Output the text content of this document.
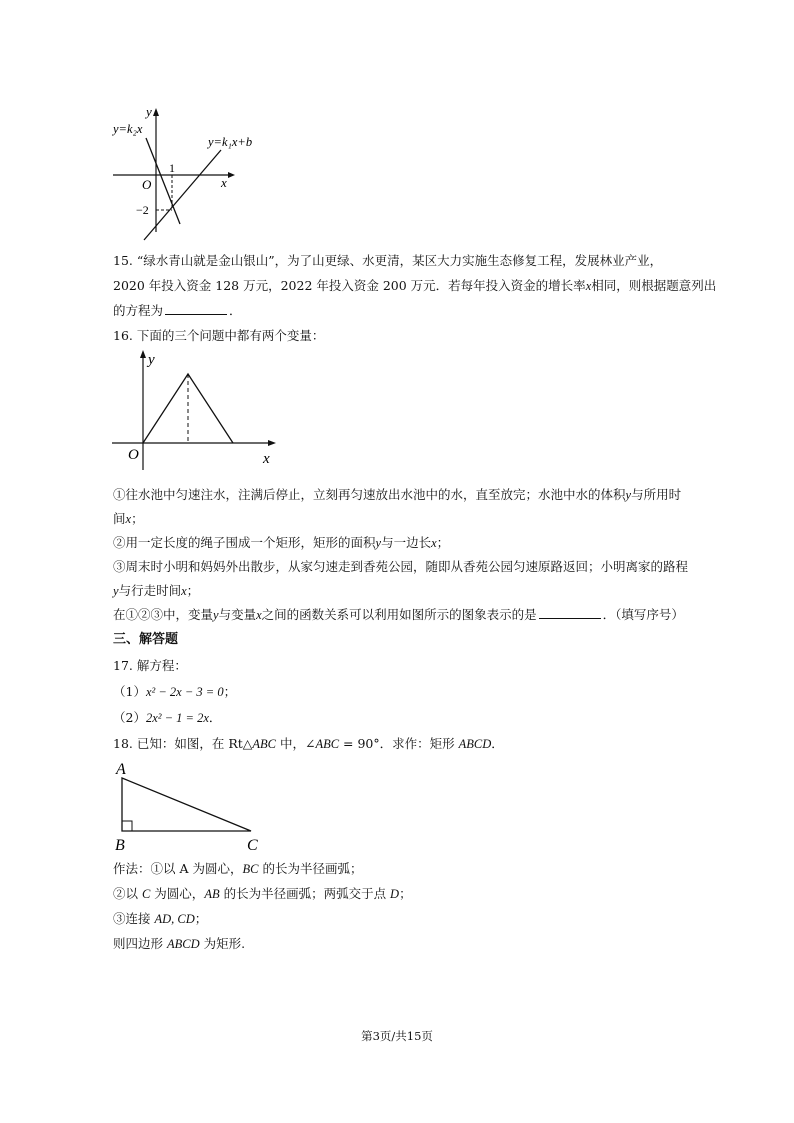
y
x
y=k₂x
y=k₁x+b
O
1
−2
15. “绿水青山就是金山银山”，为了山更绿、水更清，某区大力实施生态修复工程，发展林业产业，
2020 年投入资金 128 万元，2022 年投入资金 200 万元．若每年投入资金的增长率x相同，则根据题意列出
的方程为	．
16. 下面的三个问题中都有两个变量：
y
x
O
①往水池中匀速注水，注满后停止，立刻再匀速放出水池中的水，直至放完；水池中水的体积y与所用时
间x；
②用一定长度的绳子围成一个矩形，矩形的面积y与一边长x；
③周末时小明和妈妈外出散步，从家匀速走到香苑公园，随即从香苑公园匀速原路返回；小明离家的路程
y与行走时间x；
在①②③中，变量y与变量x之间的函数关系可以利用如图所示的图象表示的是	．（填写序号）
三、解答题
17. 解方程：
（1）x² − 2x − 3 = 0；
（2）2x² − 1 = 2x．
18. 已知：如图，在 Rt△ABC 中，∠ABC = 90°．求作：矩形 ABCD．
A
B	C
作法：①以 A 为圆心，BC 的长为半径画弧；
②以 C 为圆心，AB 的长为半径画弧；两弧交于点 D；
③连接 AD, CD；
则四边形 ABCD 为矩形.
第3页/共15页
